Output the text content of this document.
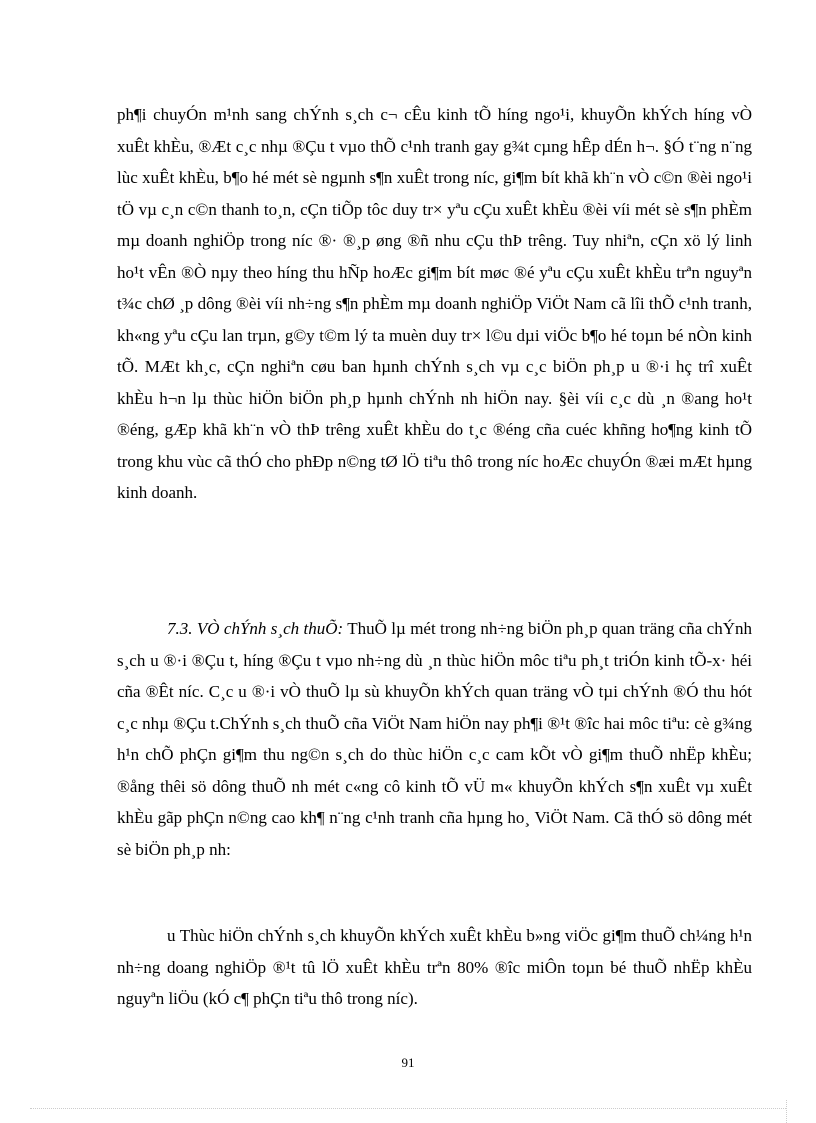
ph¶i chuyÓn m¹nh sang chÝnh s¸ch c¬ cÊu kinh tÕ híng ngo¹i, khuyÕn khÝch híng vÒ xuÊt khÈu, ®Æt c¸c nhµ ®Çu t vµo thÕ c¹nh tranh gay g¾t cµng hÊp dÉn h¬. §Ó t¨ng n¨ng lùc xuÊt khÈu, b¶o hé mét sè ngµnh s¶n xuÊt trong níc, gi¶m bít khã kh¨n vÒ c©n ®èi ngo¹i tÖ vµ c¸n c©n thanh to¸n, cÇn tiÕp tôc duy tr× yªu cÇu xuÊt khÈu ®èi víi mét sè s¶n phÈm mµ doanh nghiÖp trong níc ®· ®¸p øng ®ñ nhu cÇu thÞ trêng. Tuy nhiªn, cÇn xö lý linh ho¹t vÊn ®Ò nµy theo híng thu hÑp hoÆc gi¶m bít møc ®é yªu cÇu xuÊt khÈu trªn nguyªn t¾c chØ ¸p dông ®èi víi nh÷ng s¶n phÈm mµ doanh nghiÖp ViÖt Nam cã lîi thÕ c¹nh tranh, kh«ng yªu cÇu lan trµn, g©y t©m lý ta muèn duy tr× l©u dµi viÖc b¶o hé toµn bé nÒn kinh tÕ. MÆt kh¸c, cÇn nghiªn cøu ban hµnh chÝnh s¸ch vµ c¸c biÖn ph¸p u ®·i hç trî xuÊt khÈu h¬n lµ thùc hiÖn biÖn ph¸p hµnh chÝnh nh hiÖn nay. §èi víi c¸c dù ¸n ®ang ho¹t ®éng, gÆp khã kh¨n vÒ thÞ trêng xuÊt khÈu do t¸c ®éng cña cuéc khñng ho¶ng kinh tÕ trong khu vùc cã thÓ cho phÐp n©ng tØ lÖ tiªu thô trong níc hoÆc chuyÓn ®æi mÆt hµng kinh doanh.

7.3. VÒ chÝnh s¸ch thuÕ: ThuÕ lµ mét trong nh÷ng biÖn ph¸p quan träng cña chÝnh s¸ch u ®·i ®Çu t, híng ®Çu t vµo nh÷ng dù ¸n thùc hiÖn môc tiªu ph¸t triÓn kinh tÕ-x· héi cña ®Êt níc. C¸c u ®·i vÒ thuÕ lµ sù khuyÕn khÝch quan träng vÒ tµi chÝnh ®Ó thu hót c¸c nhµ ®Çu t.ChÝnh s¸ch thuÕ cña ViÖt Nam hiÖn nay ph¶i ®¹t ®îc hai môc tiªu: cè g¾ng h¹n chÕ phÇn gi¶m thu ng©n s¸ch do thùc hiÖn c¸c cam kÕt vÒ gi¶m thuÕ nhËp khÈu; ®ång thêi sö dông thuÕ nh mét c«ng cô kinh tÕ vÜ m« khuyÕn khÝch s¶n xuÊt vµ xuÊt khÈu gãp phÇn n©ng cao kh¶ n¨ng c¹nh tranh cña hµng ho¸ ViÖt Nam. Cã thÓ sö dông mét sè biÖn ph¸p nh:

u Thùc hiÖn chÝnh s¸ch khuyÕn khÝch xuÊt khÈu b»ng viÖc gi¶m thuÕ ch¼ng h¹n nh÷ng doang nghiÖp ®¹t tû lÖ xuÊt khÈu trªn 80% ®îc miÔn toµn bé thuÕ nhËp khÈu nguyªn liÖu (kÓ c¶ phÇn tiªu thô trong níc).

91
